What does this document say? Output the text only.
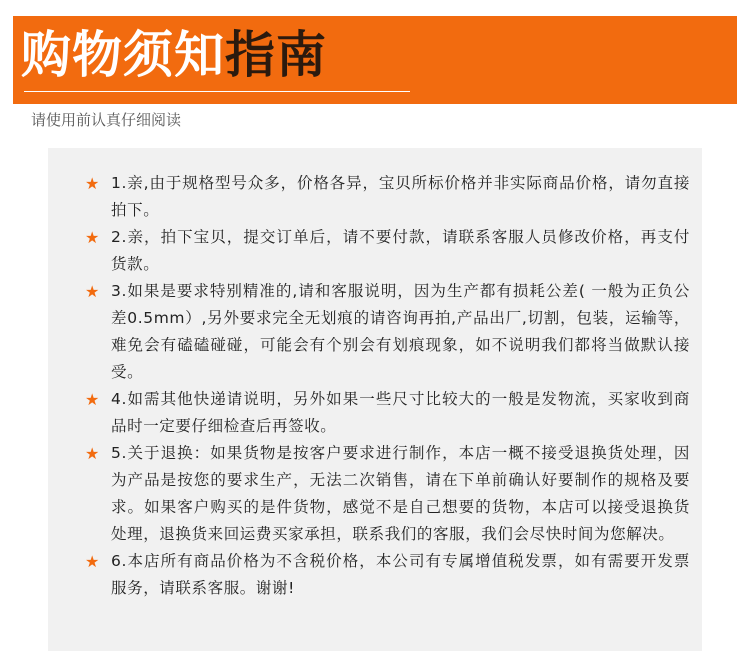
购物须知指南

请使用前认真仔细阅读

★ 1.亲,由于规格型号众多，价格各异，宝贝所标价格并非实际商品价格，请勿直接拍下。
★ 2.亲，拍下宝贝，提交订单后，请不要付款，请联系客服人员修改价格，再支付货款。
★ 3.如果是要求特别精准的,请和客服说明，因为生产都有损耗公差( 一般为正负公差0.5mm）,另外要求完全无划痕的请咨询再拍,产品出厂,切割，包装，运输等，难免会有磕磕碰碰，可能会有个别会有划痕现象，如不说明我们都将当做默认接受。
★ 4.如需其他快递请说明，另外如果一些尺寸比较大的一般是发物流，买家收到商品时一定要仔细检查后再签收。
★ 5.关于退换：如果货物是按客户要求进行制作，本店一概不接受退换货处理，因为产品是按您的要求生产，无法二次销售，请在下单前确认好要制作的规格及要求。如果客户购买的是件货物，感觉不是自己想要的货物，本店可以接受退换货处理，退换货来回运费买家承担，联系我们的客服，我们会尽快时间为您解决。
★ 6.本店所有商品价格为不含税价格，本公司有专属增值税发票，如有需要开发票服务，请联系客服。谢谢!
